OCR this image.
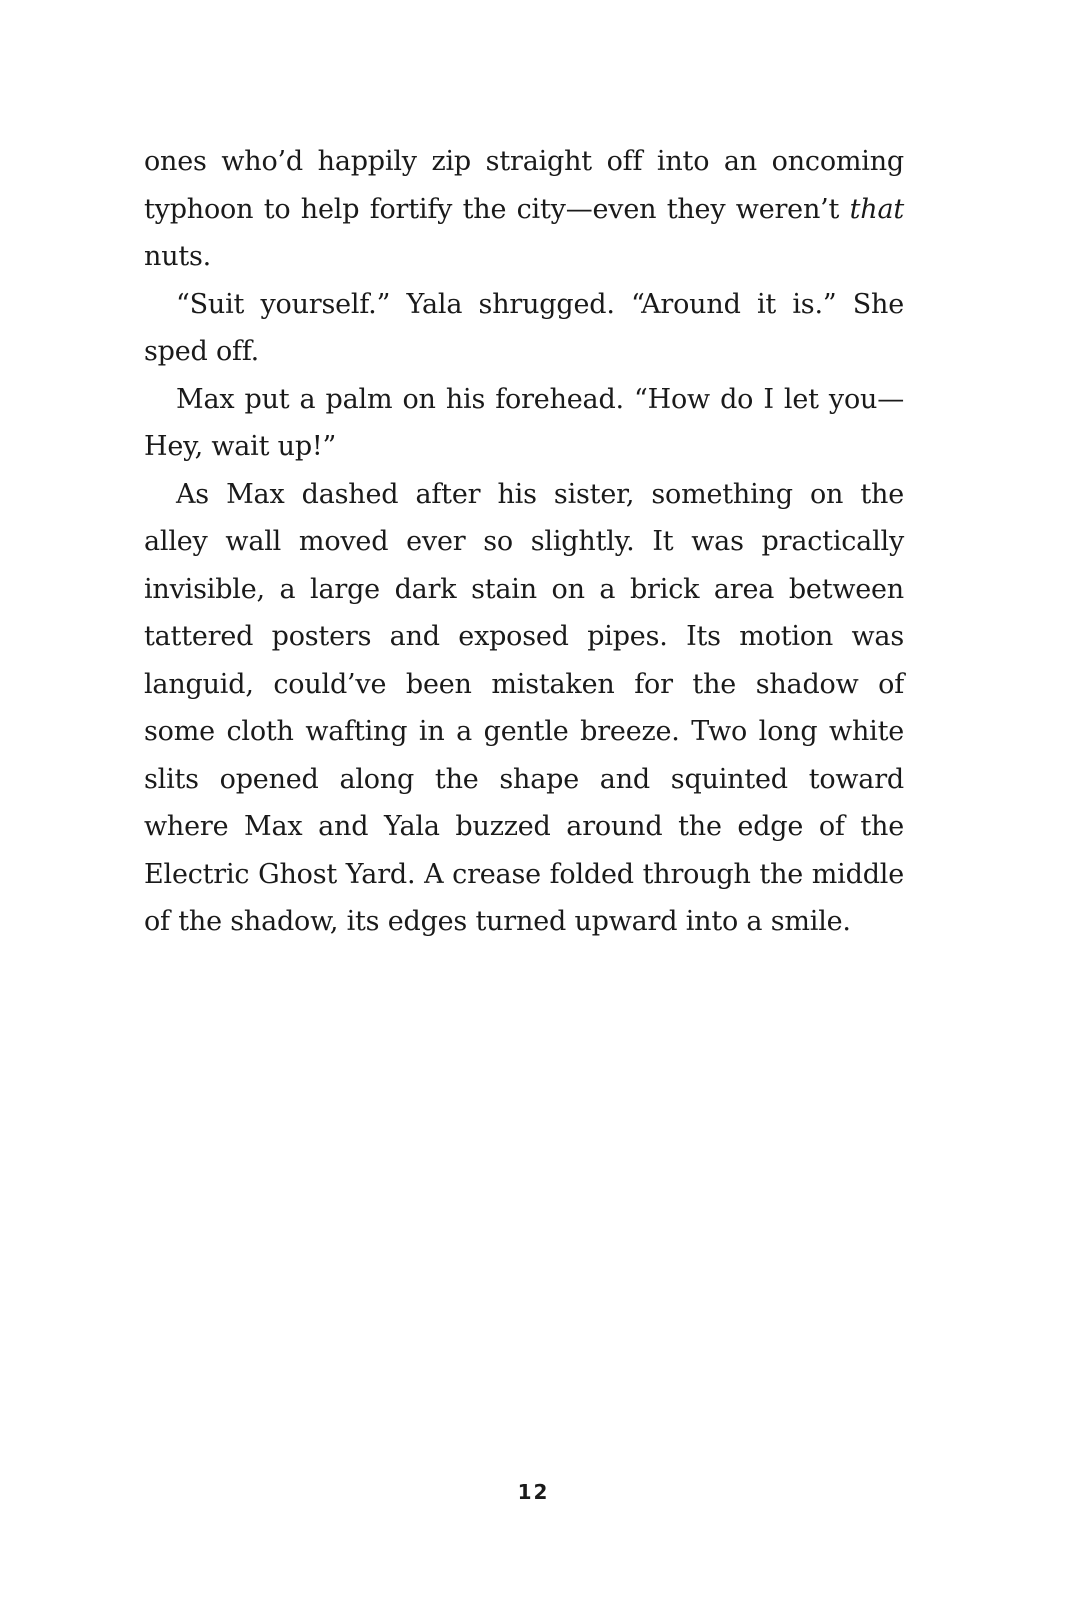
ones who’d happily zip straight off into an oncoming typhoon to help fortify the city—even they weren’t that nuts.

“Suit yourself.” Yala shrugged. “Around it is.” She sped off.

Max put a palm on his forehead. “How do I let you— Hey, wait up!”

As Max dashed after his sister, something on the alley wall moved ever so slightly. It was practically invisible, a large dark stain on a brick area between tattered posters and exposed pipes. Its motion was languid, could’ve been mistaken for the shadow of some cloth wafting in a gentle breeze. Two long white slits opened along the shape and squinted toward where Max and Yala buzzed around the edge of the Electric Ghost Yard. A crease folded through the middle of the shadow, its edges turned upward into a smile.

12
